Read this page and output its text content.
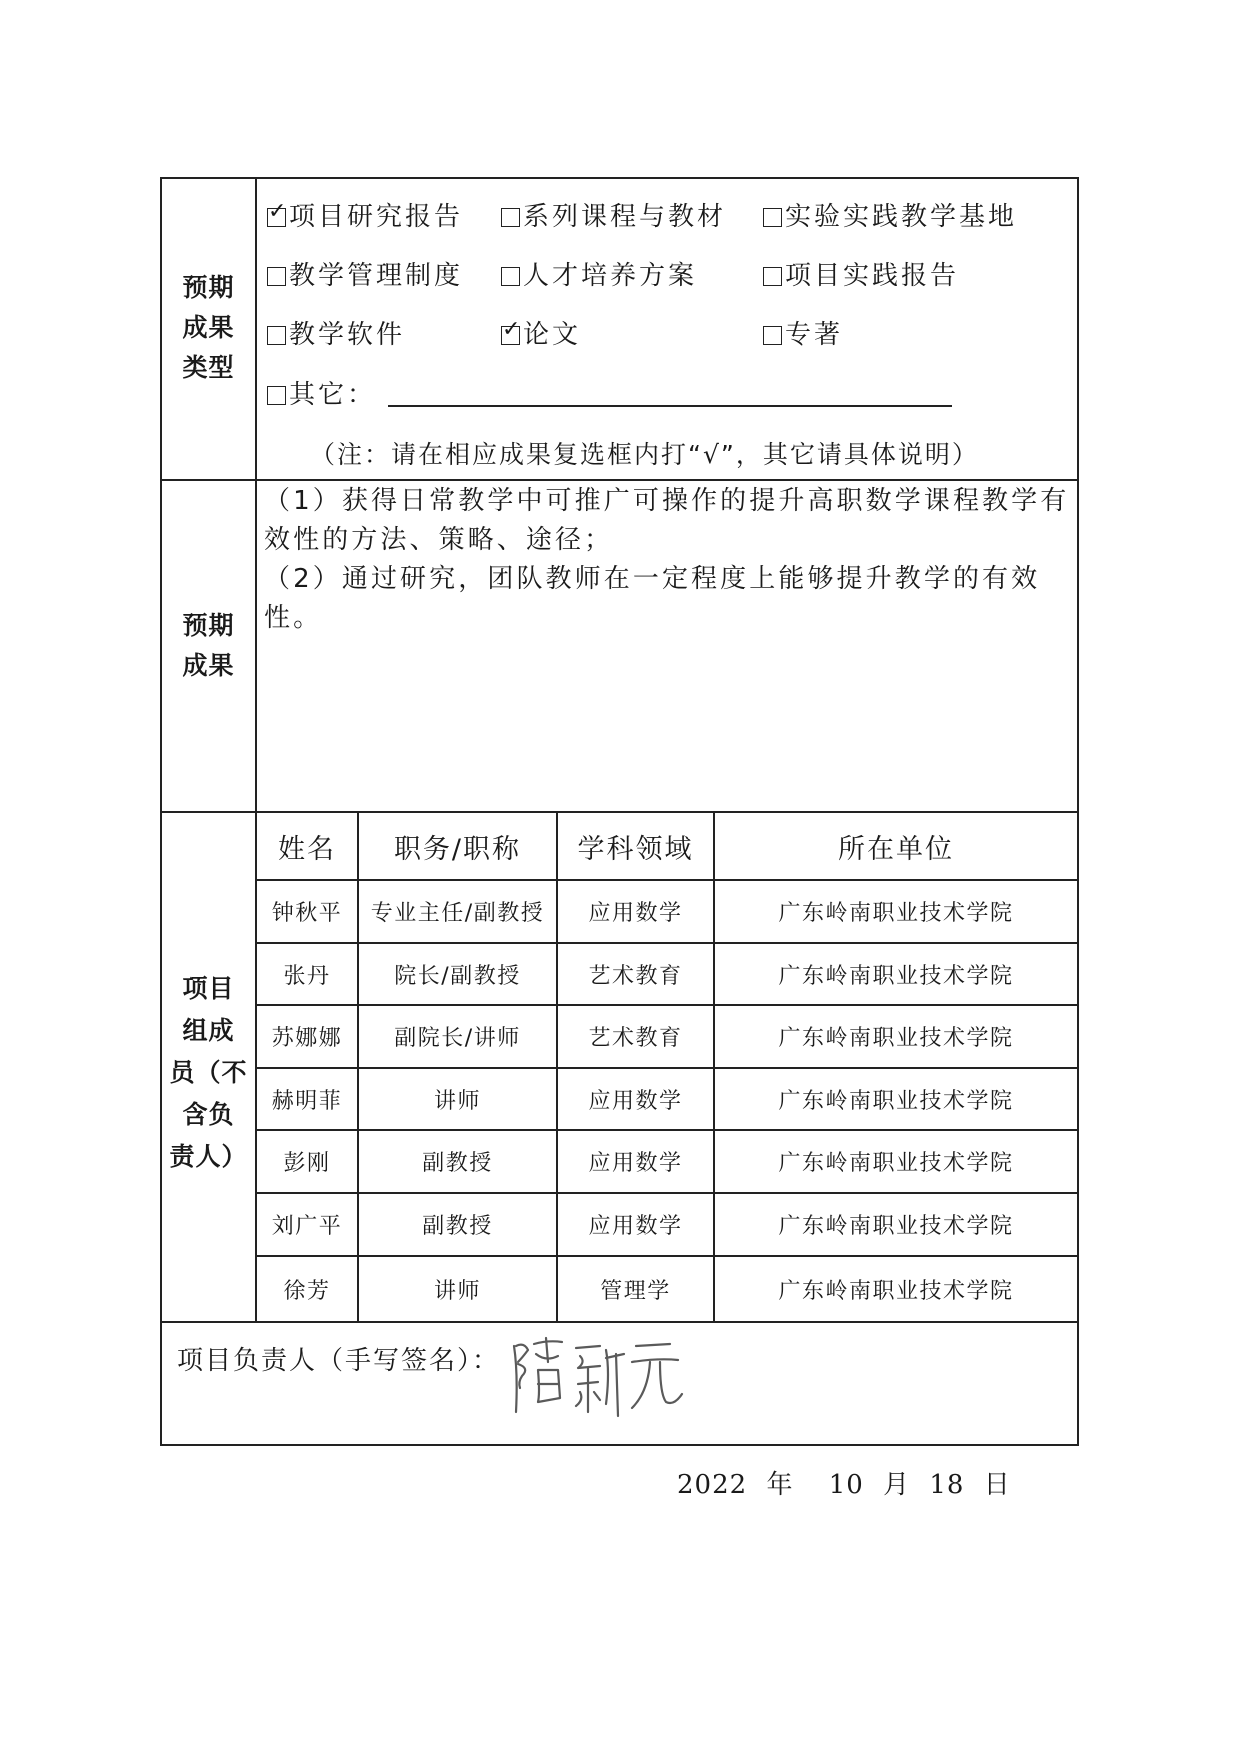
预期
成果
类型
✓ 项目研究报告	系列课程与教材	实验实践教学基地
教学管理制度	人才培养方案	项目实践报告
教学软件	✓ 论文	专著
其它：
（注：请在相应成果复选框内打“√”，其它请具体说明）
预期
成果
（1）获得日常教学中可推广可操作的提升高职数学课程教学有效性的方法、策略、途径；
（2）通过研究，团队教师在一定程度上能够提升教学的有效性。
项目
组成
员（不
含负
责人）
姓名	职务/职称	学科领域	所在单位
钟秋平	专业主任/副教授	应用数学	广东岭南职业技术学院
张丹	院长/副教授	艺术教育	广东岭南职业技术学院
苏娜娜	副院长/讲师	艺术教育	广东岭南职业技术学院
赫明菲	讲师	应用数学	广东岭南职业技术学院
彭刚	副教授	应用数学	广东岭南职业技术学院
刘广平	副教授	应用数学	广东岭南职业技术学院
徐芳	讲师	管理学	广东岭南职业技术学院
项目负责人（手写签名）：
2022 年 10 月 18 日
